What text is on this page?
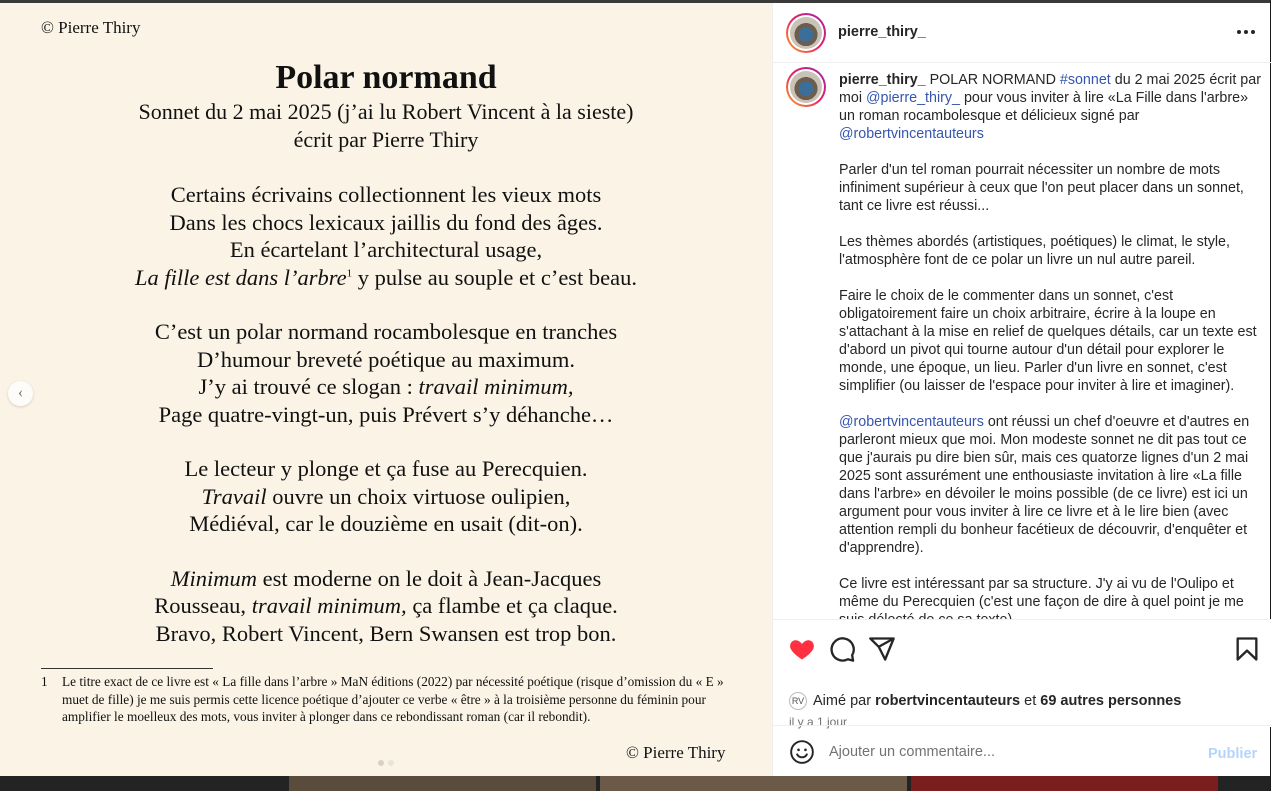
© Pierre Thiry
Polar normand
Sonnet du 2 mai 2025 (j’ai lu Robert Vincent à la sieste)
écrit par Pierre Thiry
Certains écrivains collectionnent les vieux mots
Dans les chocs lexicaux jaillis du fond des âges.
En écartelant l’architectural usage,
La fille est dans l’arbre$^1$ y pulse au souple et c’est beau.
C’est un polar normand rocambolesque en tranches
D’humour breveté poétique au maximum.
J’y ai trouvé ce slogan : travail minimum,
Page quatre-vingt-un, puis Prévert s’y déhanche…
Le lecteur y plonge et ça fuse au Perecquien.
Travail ouvre un choix virtuose oulipien,
Médiéval, car le douzième en usait (dit-on).
Minimum est moderne on le doit à Jean-Jacques
Rousseau, travail minimum, ça flambe et ça claque.
Bravo, Robert Vincent, Bern Swansen est trop bon.
1	Le titre exact de ce livre est « La fille dans l’arbre » MaN éditions (2022) par nécessité poétique (risque d’omission du « E » muet de fille) je me suis permis cette licence poétique d’ajouter ce verbe « être » à la troisième personne du féminin pour amplifier le moelleux des mots, vous inviter à plonger dans ce rebondissant roman (car il rebondit).
© Pierre Thiry
‹
pierre_thiry_

pierre_thiry_ POLAR NORMAND #sonnet du 2 mai 2025 écrit par moi @pierre_thiry_ pour vous inviter à lire «La Fille dans l'arbre» un roman rocambolesque et délicieux signé par @robertvincentauteurs

Parler d'un tel roman pourrait nécessiter un nombre de mots infiniment supérieur à ceux que l'on peut placer dans un sonnet, tant ce livre est réussi...

Les thèmes abordés (artistiques, poétiques) le climat, le style, l'atmosphère font de ce polar un livre un nul autre pareil.

Faire le choix de le commenter dans un sonnet, c'est obligatoirement faire un choix arbitraire, écrire à la loupe en s'attachant à la mise en relief de quelques détails, car un texte est d'abord un pivot qui tourne autour d'un détail pour explorer le monde, une époque, un lieu. Parler d'un livre en sonnet, c'est simplifier (ou laisser de l'espace pour inviter à lire et imaginer).

@robertvincentauteurs ont réussi un chef d'oeuvre et d'autres en parleront mieux que moi. Mon modeste sonnet ne dit pas tout ce que j'aurais pu dire bien sûr, mais ces quatorze lignes d'un 2 mai 2025 sont assurément une enthousiaste invitation à lire «La fille dans l'arbre» en dévoiler le moins possible (de ce livre) est ici un argument pour vous inviter à lire ce livre et à le lire bien (avec attention rempli du bonheur facétieux de découvrir, d'enquêter et d'apprendre).

Ce livre est intéressant par sa structure. J'y ai vu de l'Oulipo et même du Perecquien (c'est une façon de dire à quel point je me

RV Aimé par robertvincentauteurs et 69 autres personnes
il y a 1 jour
Ajouter un commentaire...
Publier
